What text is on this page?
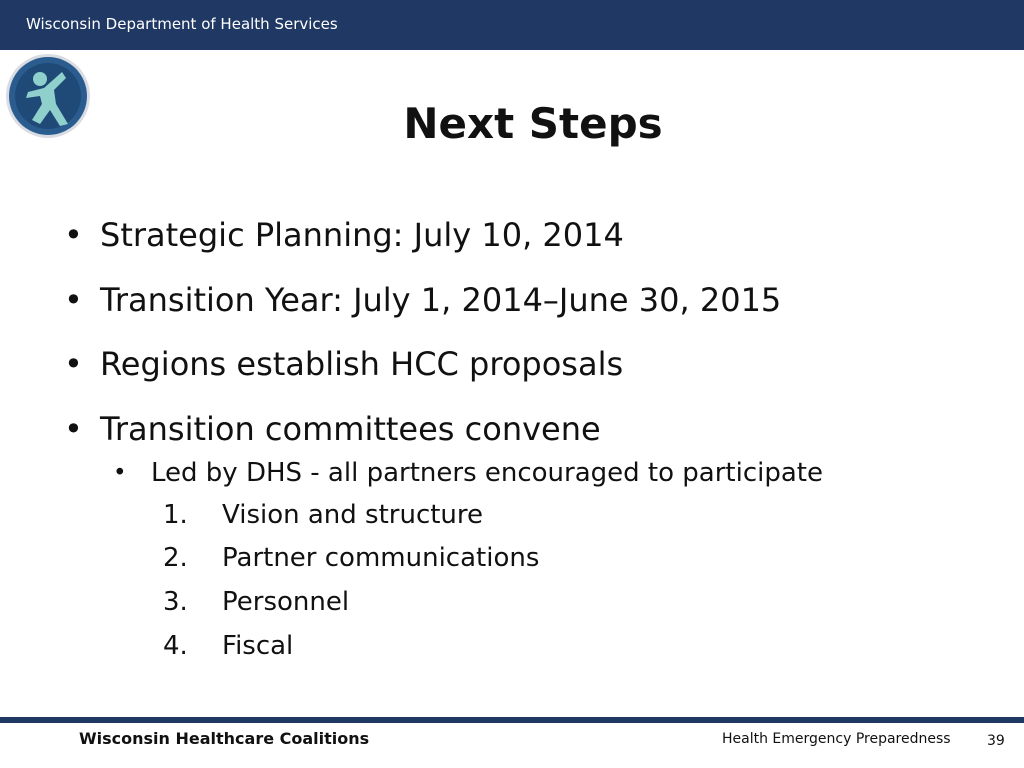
Wisconsin Department of Health Services
Next Steps
• Strategic Planning: July 10, 2014
• Transition Year: July 1, 2014–June 30, 2015
• Regions establish HCC proposals
• Transition committees convene
• Led by DHS - all partners encouraged to participate
1. Vision and structure
2. Partner communications
3. Personnel
4. Fiscal
Wisconsin Healthcare Coalitions	Health Emergency Preparedness	39
